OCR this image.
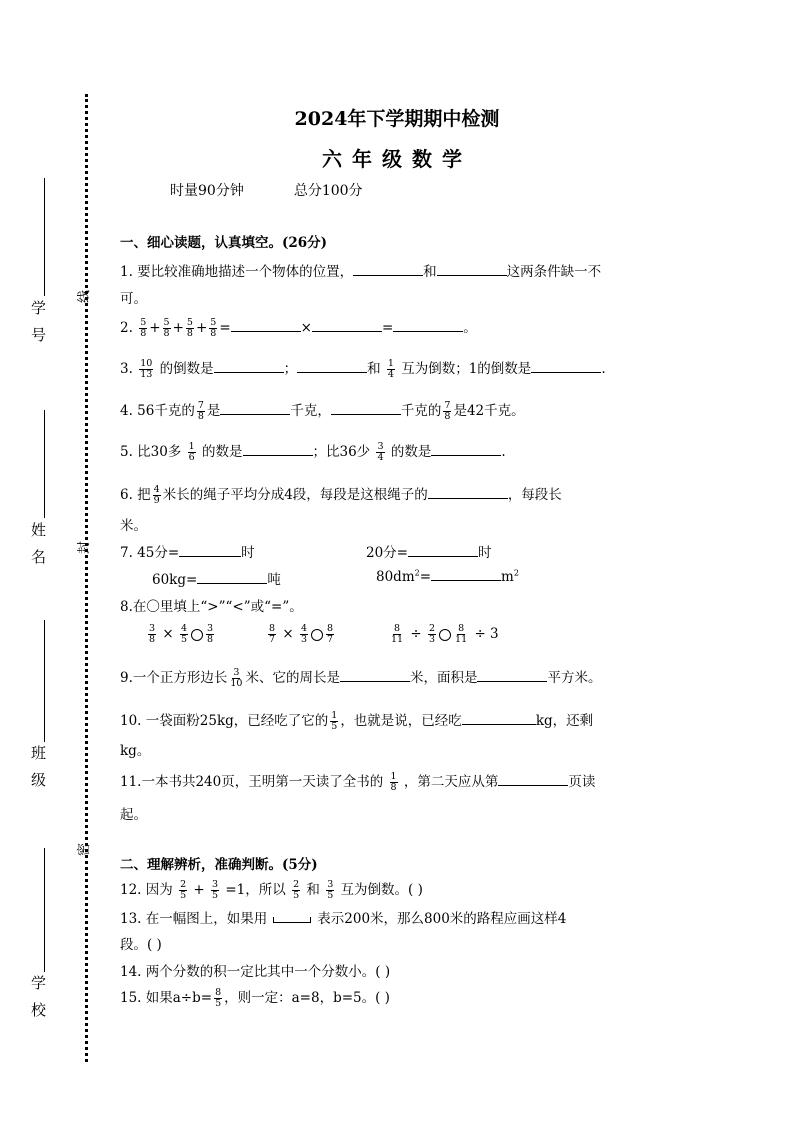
线
封
密
学号
姓名
班级
学校
2024年下学期期中检测
六年级数学
时量90分钟	总分100分
一、细心读题，认真填空。(26分)
1. 要比较准确地描述一个物体的位置，	和	这两条件缺一不
可。
2. $\frac{5}{8} + \frac{5}{8} + \frac{5}{8} + \frac{5}{8}$ =	×	=	。
3. $\frac{10}{13}$ 的倒数是	；	和 $\frac{1}{4}$ 互为倒数；1的倒数是	.
4. 56千克的 $\frac{7}{8}$ 是	千克，	千克的 $\frac{7}{8}$ 是42千克。
5. 比30多 $\frac{1}{6}$ 的数是	；比36少 $\frac{3}{4}$ 的数是	.
6. 把 $\frac{4}{9}$ 米长的绳子平均分成4段，每段是这根绳子的	，每段长
米。
7. 45分=	时	20分=	时
60kg=	吨	$80dm^2=$	$m^2$
8.在〇里填上“>”“<”或“=”。
$\frac{3}{8} \times \frac{4}{5} \frac{3}{8}$	$\frac{8}{7} \times \frac{4}{3} \frac{8}{7}$	$\frac{8}{11} \div \frac{2}{3} \frac{8}{11} \div 3$
9.一个正方形边长 $\frac{3}{10}$ 米、它的周长是	米，面积是	平方米。
10. 一袋面粉25kg，已经吃了它的 $\frac{1}{5}$ ，也就是说，已经吃	kg，还剩
kg。
11.一本书共240页，王明第一天读了全书的 $\frac{1}{8}$ ，第二天应从第	页读
起。
二、理解辨析，准确判断。(5分)
12. 因为 $\frac{2}{5} + \frac{3}{5} =1$，所以 $\frac{2}{5}$ 和 $\frac{3}{5}$ 互为倒数。( )
13. 在一幅图上，如果用	表示200米，那么800米的路程应画这样4
段。( )
14. 两个分数的积一定比其中一个分数小。( )
15. 如果$a\div b= \frac{8}{5}$ ，则一定：a=8，b=5。( )
